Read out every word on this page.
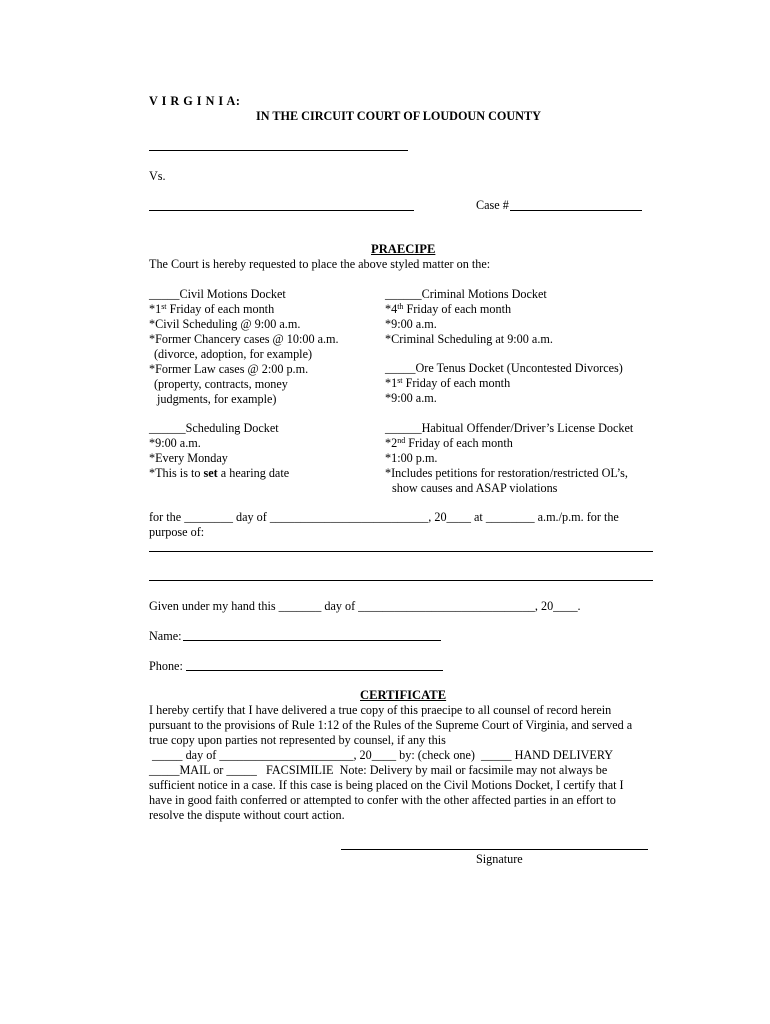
V I R G I N I A:
IN THE CIRCUIT COURT OF LOUDOUN COUNTY
Vs.
Case #
PRAECIPE
The Court is hereby requested to place the above styled matter on the:
_____Civil Motions Docket
*1st Friday of each month
*Civil Scheduling @ 9:00 a.m.
*Former Chancery cases @ 10:00 a.m.
(divorce, adoption, for example)
*Former Law cases @ 2:00 p.m.
(property, contracts, money
judgments, for example)
______Criminal Motions Docket
*4th Friday of each month
*9:00 a.m.
*Criminal Scheduling at 9:00 a.m.
_____Ore Tenus Docket (Uncontested Divorces)
*1st Friday of each month
*9:00 a.m.
______Scheduling Docket
*9:00 a.m.
*Every Monday
*This is to set a hearing date
______Habitual Offender/Driver’s License Docket
*2nd Friday of each month
*1:00 p.m.
*Includes petitions for restoration/restricted OL’s,
show causes and ASAP violations
for the ________ day of __________________________, 20____ at ________ a.m./p.m. for the
purpose of:
Given under my hand this _______ day of _____________________________, 20____.
Name:
Phone:
CERTIFICATE
I hereby certify that I have delivered a true copy of this praecipe to all counsel of record herein
pursuant to the provisions of Rule 1:12 of the Rules of the Supreme Court of Virginia, and served a
true copy upon parties not represented by counsel, if any this
_____ day of ______________________, 20____ by: (check one)  _____ HAND DELIVERY
_____MAIL or _____   FACSIMILIE  Note: Delivery by mail or facsimile may not always be
sufficient notice in a case. If this case is being placed on the Civil Motions Docket, I certify that I
have in good faith conferred or attempted to confer with the other affected parties in an effort to
resolve the dispute without court action.
Signature
